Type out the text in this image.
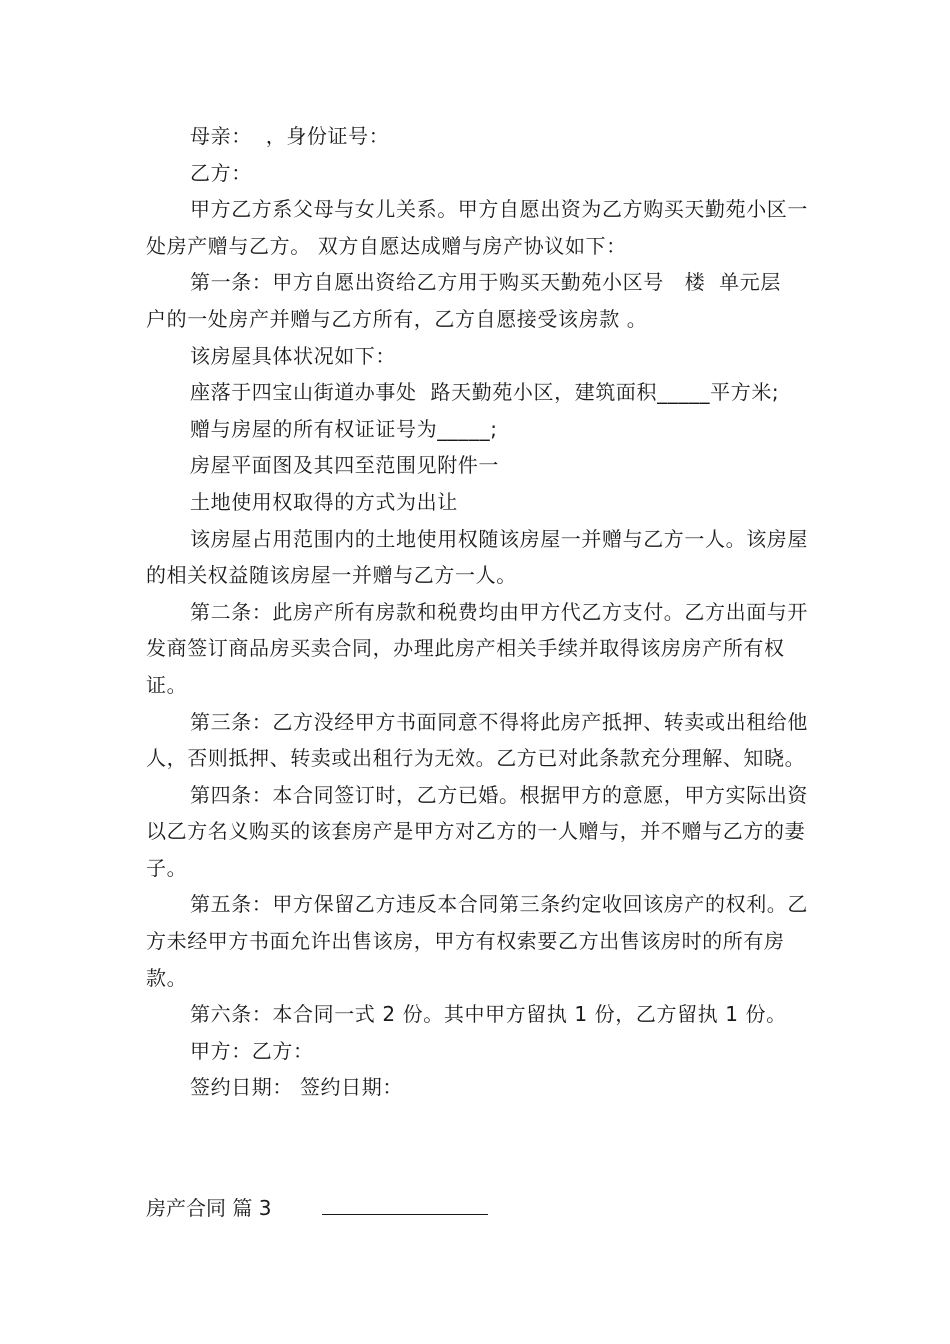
母亲：  ，身份证号：

乙方：

甲方乙方系父母与女儿关系。甲方自愿出资为乙方购买天勤苑小区一处房产赠与乙方。 双方自愿达成赠与房产协议如下：

第一条：甲方自愿出资给乙方用于购买天勤苑小区号   楼  单元层  户的一处房产并赠与乙方所有，乙方自愿接受该房款 。

该房屋具体状况如下：

座落于四宝山街道办事处  路天勤苑小区，建筑面积_____平方米;

赠与房屋的所有权证证号为_____;

房屋平面图及其四至范围见附件一

土地使用权取得的方式为出让

该房屋占用范围内的土地使用权随该房屋一并赠与乙方一人。该房屋的相关权益随该房屋一并赠与乙方一人。

第二条：此房产所有房款和税费均由甲方代乙方支付。乙方出面与开发商签订商品房买卖合同，办理此房产相关手续并取得该房房产所有权证。

第三条：乙方没经甲方书面同意不得将此房产抵押、转卖或出租给他人，否则抵押、转卖或出租行为无效。乙方已对此条款充分理解、知晓。

第四条：本合同签订时，乙方已婚。根据甲方的意愿，甲方实际出资以乙方名义购买的该套房产是甲方对乙方的一人赠与，并不赠与乙方的妻子。

第五条：甲方保留乙方违反本合同第三条约定收回该房产的权利。乙方未经甲方书面允许出售该房，甲方有权索要乙方出售该房时的所有房款。

第六条：本合同一式 2 份。其中甲方留执 1 份，乙方留执 1 份。

甲方：乙方：

签约日期： 签约日期：

房产合同 篇 3
